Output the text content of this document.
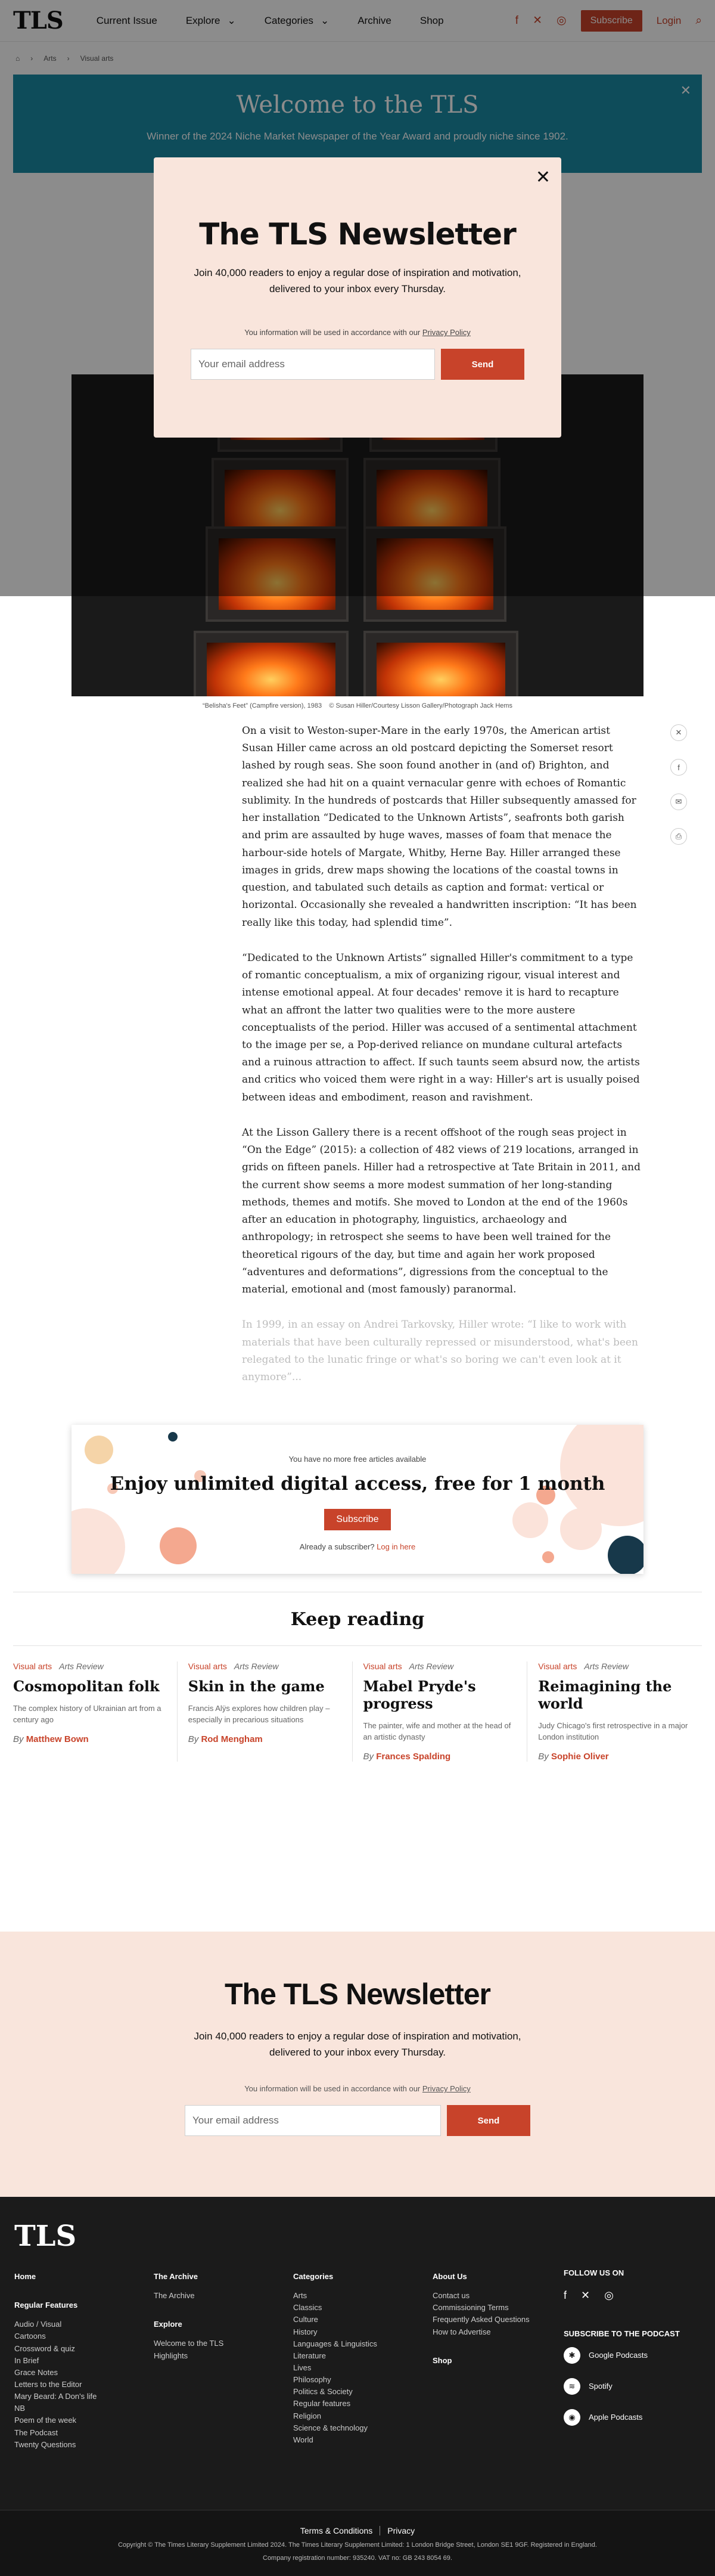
TLS	Current Issue	Explore ⌄	Categories ⌄	Archive	Shop	f ✕ ◎	Subscribe	Login ⌕
⌂ › Arts › Visual arts
✕
Welcome to the TLS

Winner of the 2024 Niche Market Newspaper of the Year Award and proudly niche since 1902.

“Belisha's Feet” (Campfire version), 1983 © Susan Hiller/Courtesy Lisson Gallery/Photograph Jack Hems
✕
The TLS Newsletter

Join 40,000 readers to enjoy a regular dose of inspiration and motivation, delivered to your inbox every Thursday.

You information will be used in accordance with our Privacy Policy

Your email address	Send
✕
f
✉
⎙

On a visit to Weston-super-Mare in the early 1970s, the American artist Susan Hiller came across an old postcard depicting the Somerset resort lashed by rough seas. She soon found another in (and of) Brighton, and realized she had hit on a quaint vernacular genre with echoes of Romantic sublimity. In the hundreds of postcards that Hiller subsequently amassed for her installation “Dedicated to the Unknown Artists”, seafronts both garish and prim are assaulted by huge waves, masses of foam that menace the harbour-side hotels of Margate, Whitby, Herne Bay. Hiller arranged these images in grids, drew maps showing the locations of the coastal towns in question, and tabulated such details as caption and format: vertical or horizontal. Occasionally she revealed a handwritten inscription: “It has been really like this today, had splendid time”.

“Dedicated to the Unknown Artists” signalled Hiller's commitment to a type of romantic conceptualism, a mix of organizing rigour, visual interest and intense emotional appeal. At four decades' remove it is hard to recapture what an affront the latter two qualities were to the more austere conceptualists of the period. Hiller was accused of a sentimental attachment to the image per se, a Pop-derived reliance on mundane cultural artefacts and a ruinous attraction to affect. If such taunts seem absurd now, the artists and critics who voiced them were right in a way: Hiller's art is usually poised between ideas and embodiment, reason and ravishment.

At the Lisson Gallery there is a recent offshoot of the rough seas project in “On the Edge” (2015): a collection of 482 views of 219 locations, arranged in grids on fifteen panels. Hiller had a retrospective at Tate Britain in 2011, and the current show seems a more modest summation of her long-standing methods, themes and motifs. She moved to London at the end of the 1960s after an education in photography, linguistics, archaeology and anthropology; in retrospect she seems to have been well trained for the theoretical rigours of the day, but time and again her work proposed “adventures and deformations”, digressions from the conceptual to the material, emotional and (most famously) paranormal.

In 1999, in an essay on Andrei Tarkovsky, Hiller wrote: “I like to work with materials that have been culturally repressed or misunderstood, what's been relegated to the lunatic fringe or what's so boring we can't even look at it anymore”...

You have no more free articles available

Enjoy unlimited digital access, free for 1 month
Subscribe

Already a subscriber? Log in here

Keep reading
Visual arts Arts Review
Cosmopolitan folk

The complex history of Ukrainian art from a century ago

By Matthew Bown

Visual arts Arts Review
Skin in the game

Francis Alÿs explores how children play – especially in precarious situations

By Rod Mengham

Visual arts Arts Review
Mabel Pryde's progress

The painter, wife and mother at the head of an artistic dynasty

By Frances Spalding

Visual arts Arts Review
Reimagining the world

Judy Chicago's first retrospective in a major London institution

By Sophie Oliver

The TLS Newsletter

Join 40,000 readers to enjoy a regular dose of inspiration and motivation, delivered to your inbox every Thursday.

You information will be used in accordance with our Privacy Policy

Your email address	Send
TLS
Home
Regular Features
Audio / Visual
Cartoons
Crossword & quiz
In Brief
Grace Notes
Letters to the Editor
Mary Beard: A Don's life
NB
Poem of the week
The Podcast
Twenty Questions
The Archive
The Archive
Explore
Welcome to the TLS
Highlights
Categories
Arts
Classics
Culture
History
Languages & Linguistics
Literature
Lives
Philosophy
Politics & Society
Regular features
Religion
Science & technology
World
About Us
Contact us
Commissioning Terms
Frequently Asked Questions
How to Advertise
Shop
FOLLOW US ON
f ✕ ◎
SUBSCRIBE TO THE PODCAST
✱	Google Podcasts
≋	Spotify
◉	Apple Podcasts
Terms & Conditions Privacy

Copyright © The Times Literary Supplement Limited 2024. The Times Literary Supplement Limited: 1 London Bridge Street, London SE1 9GF. Registered in England.

Company registration number: 935240. VAT no: GB 243 8054 69.
